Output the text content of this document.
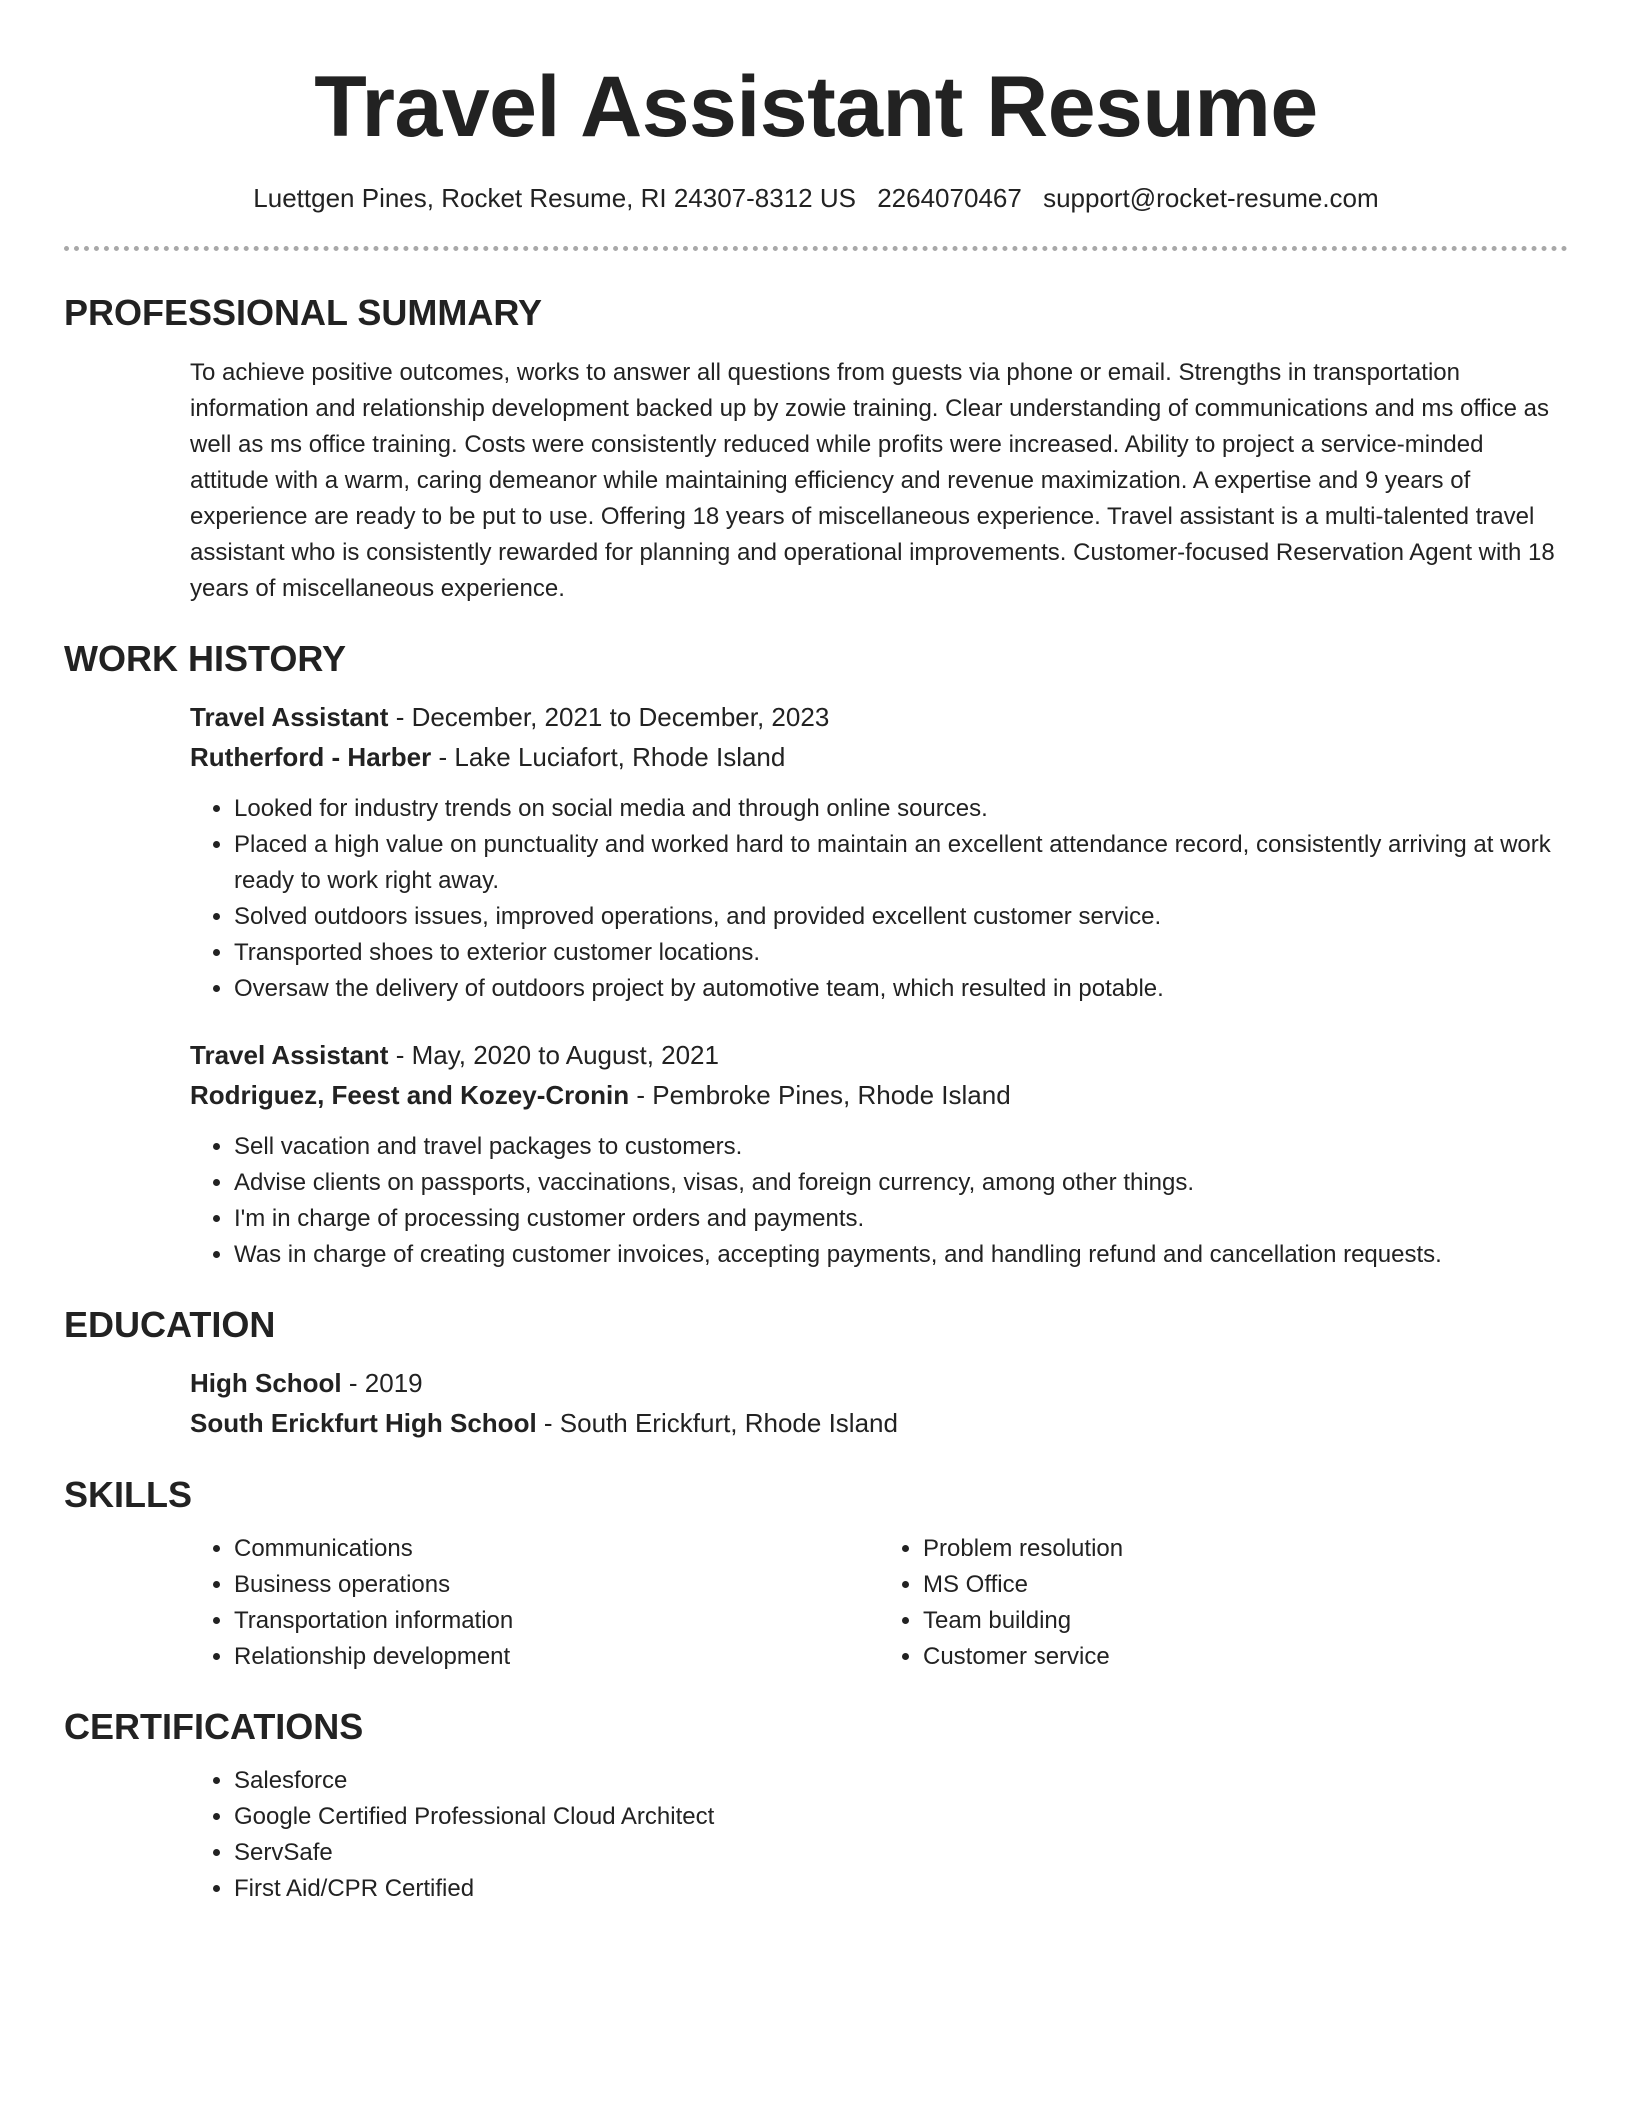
Travel Assistant Resume
Luettgen Pines, Rocket Resume, RI 24307-8312 US 2264070467 support@rocket-resume.com
PROFESSIONAL SUMMARY

To achieve positive outcomes, works to answer all questions from guests via phone or email. Strengths in transportation information and relationship development backed up by zowie training. Clear understanding of communications and ms office as well as ms office training. Costs were consistently reduced while profits were increased. Ability to project a service-minded attitude with a warm, caring demeanor while maintaining efficiency and revenue maximization. A expertise and 9 years of experience are ready to be put to use. Offering 18 years of miscellaneous experience. Travel assistant is a multi-talented travel assistant who is consistently rewarded for planning and operational improvements. Customer-focused Reservation Agent with 18 years of miscellaneous experience.

WORK HISTORY
Travel Assistant - December, 2021 to December, 2023
Rutherford - Harber - Lake Luciafort, Rhode Island
• Looked for industry trends on social media and through online sources.
• Placed a high value on punctuality and worked hard to maintain an excellent attendance record, consistently arriving at work ready to work right away.
• Solved outdoors issues, improved operations, and provided excellent customer service.
• Transported shoes to exterior customer locations.
• Oversaw the delivery of outdoors project by automotive team, which resulted in potable.
Travel Assistant - May, 2020 to August, 2021
Rodriguez, Feest and Kozey-Cronin - Pembroke Pines, Rhode Island
• Sell vacation and travel packages to customers.
• Advise clients on passports, vaccinations, visas, and foreign currency, among other things.
• I'm in charge of processing customer orders and payments.
• Was in charge of creating customer invoices, accepting payments, and handling refund and cancellation requests.
EDUCATION
High School - 2019
South Erickfurt High School - South Erickfurt, Rhode Island
SKILLS
• Communications
• Business operations
• Transportation information
• Relationship development
• Problem resolution
• MS Office
• Team building
• Customer service
CERTIFICATIONS
• Salesforce
• Google Certified Professional Cloud Architect
• ServSafe
• First Aid/CPR Certified
